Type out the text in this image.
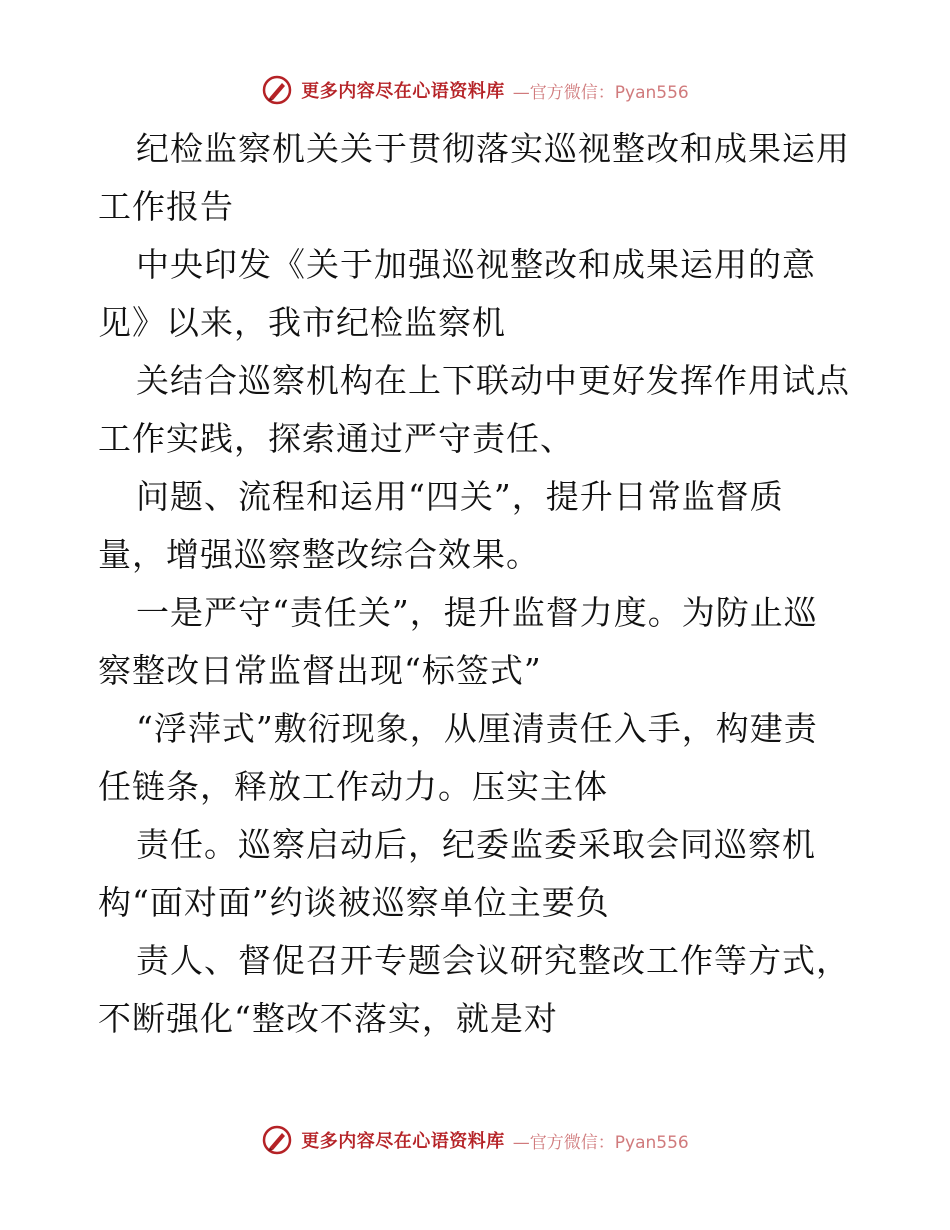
更多内容尽在心语资料库 —官方微信：Pyan556

纪检监察机关关于贯彻落实巡视整改和成果运用
工作报告

中央印发《关于加强巡视整改和成果运用的意
见》以来，我市纪检监察机

关结合巡察机构在上下联动中更好发挥作用试点
工作实践，探索通过严守责任、

问题、流程和运用“四关”，提升日常监督质
量，增强巡察整改综合效果。

一是严守“责任关”，提升监督力度。为防止巡
察整改日常监督出现“标签式”

“浮萍式”敷衍现象，从厘清责任入手，构建责
任链条，释放工作动力。压实主体

责任。巡察启动后，纪委监委采取会同巡察机
构“面对面”约谈被巡察单位主要负

责人、督促召开专题会议研究整改工作等方式，
不断强化“整改不落实，就是对

更多内容尽在心语资料库 —官方微信：Pyan556
